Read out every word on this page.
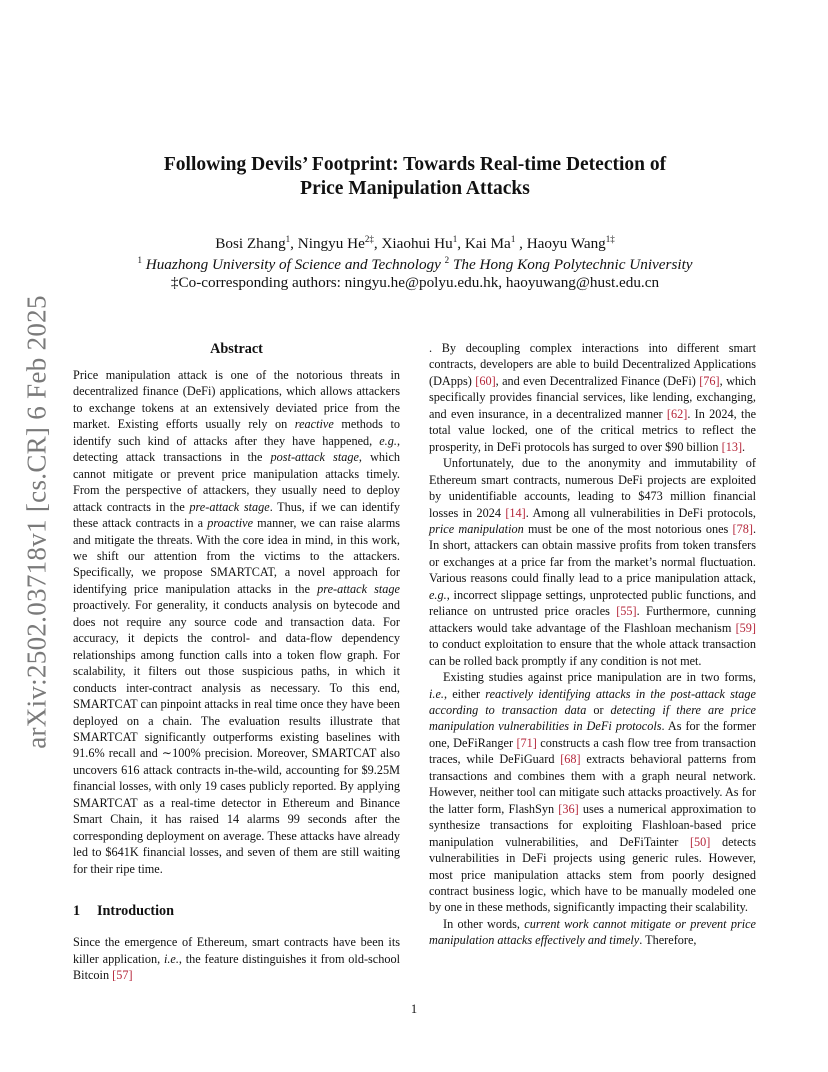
arXiv:2502.03718v1 [cs.CR] 6 Feb 2025
Following Devils’ Footprint: Towards Real-time Detection of
Price Manipulation Attacks
Bosi Zhang$^1$, Ningyu $He^{2\ddagger}$, Xiaohui Hu$^1$, Kai Ma$^1$ , Haoyu Wang$^{1\ddagger}$
$^1$ Huazhong University of Science and Technology $^2$ The Hong Kong Polytechnic University
‡Co-corresponding authors: ningyu.he@polyu.edu.hk, haoyuwang@hust.edu.cn
Abstract

Price manipulation attack is one of the notorious threats in decentralized finance (DeFi) applications, which allows attackers to exchange tokens at an extensively deviated price from the market. Existing efforts usually rely on reactive methods to identify such kind of attacks after they have happened, e.g., detecting attack transactions in the post-attack stage, which cannot mitigate or prevent price manipulation attacks timely. From the perspective of attackers, they usually need to deploy attack contracts in the pre-attack stage. Thus, if we can identify these attack contracts in a proactive manner, we can raise alarms and mitigate the threats. With the core idea in mind, in this work, we shift our attention from the victims to the attackers. Specifically, we propose SMARTCAT, a novel approach for identifying price manipulation attacks in the pre-attack stage proactively. For generality, it conducts analysis on bytecode and does not require any source code and transaction data. For accuracy, it depicts the control- and data-flow dependency relationships among function calls into a token flow graph. For scalability, it filters out those suspicious paths, in which it conducts inter-contract analysis as necessary. To this end, SMARTCAT can pinpoint attacks in real time once they have been deployed on a chain. The evaluation results illustrate that SMARTCAT significantly outperforms existing baselines with 91.6% recall and ∼100% precision. Moreover, SMARTCAT also uncovers 616 attack contracts in-the-wild, accounting for $9.25M financial losses, with only 19 cases publicly reported. By applying SMARTCAT as a real-time detector in Ethereum and Binance Smart Chain, it has raised 14 alarms 99 seconds after the corresponding deployment on average. These attacks have already led to $641K financial losses, and seven of them are still waiting for their ripe time.

1 Introduction

Since the emergence of Ethereum, smart contracts have been its killer application, i.e., the feature distinguishes it from old-school Bitcoin [57]

. By decoupling complex interactions into different smart contracts, developers are able to build Decentralized Applications (DApps) [60], and even Decentralized Finance (DeFi) [76], which specifically provides financial services, like lending, exchanging, and even insurance, in a decentralized manner [62]. In 2024, the total value locked, one of the critical metrics to reflect the prosperity, in DeFi protocols has surged to over $90 billion [13].

Unfortunately, due to the anonymity and immutability of Ethereum smart contracts, numerous DeFi projects are exploited by unidentifiable accounts, leading to $473 million financial losses in 2024 [14]. Among all vulnerabilities in DeFi protocols, price manipulation must be one of the most notorious ones [78]. In short, attackers can obtain massive profits from token transfers or exchanges at a price far from the market’s normal fluctuation. Various reasons could finally lead to a price manipulation attack, e.g., incorrect slippage settings, unprotected public functions, and reliance on untrusted price oracles [55]. Furthermore, cunning attackers would take advantage of the Flashloan mechanism [59] to conduct exploitation to ensure that the whole attack transaction can be rolled back promptly if any condition is not met.

Existing studies against price manipulation are in two forms, i.e., either reactively identifying attacks in the post-attack stage according to transaction data or detecting if there are price manipulation vulnerabilities in DeFi protocols. As for the former one, DeFiRanger [71] constructs a cash flow tree from transaction traces, while DeFiGuard [68] extracts behavioral patterns from transactions and combines them with a graph neural network. However, neither tool can mitigate such attacks proactively. As for the latter form, FlashSyn [36] uses a numerical approximation to synthesize transactions for exploiting Flashloan-based price manipulation vulnerabilities, and DeFiTainter [50] detects vulnerabilities in DeFi projects using generic rules. However, most price manipulation attacks stem from poorly designed contract business logic, which have to be manually modeled one by one in these methods, significantly impacting their scalability.

In other words, current work cannot mitigate or prevent price manipulation attacks effectively and timely. Therefore,

1
